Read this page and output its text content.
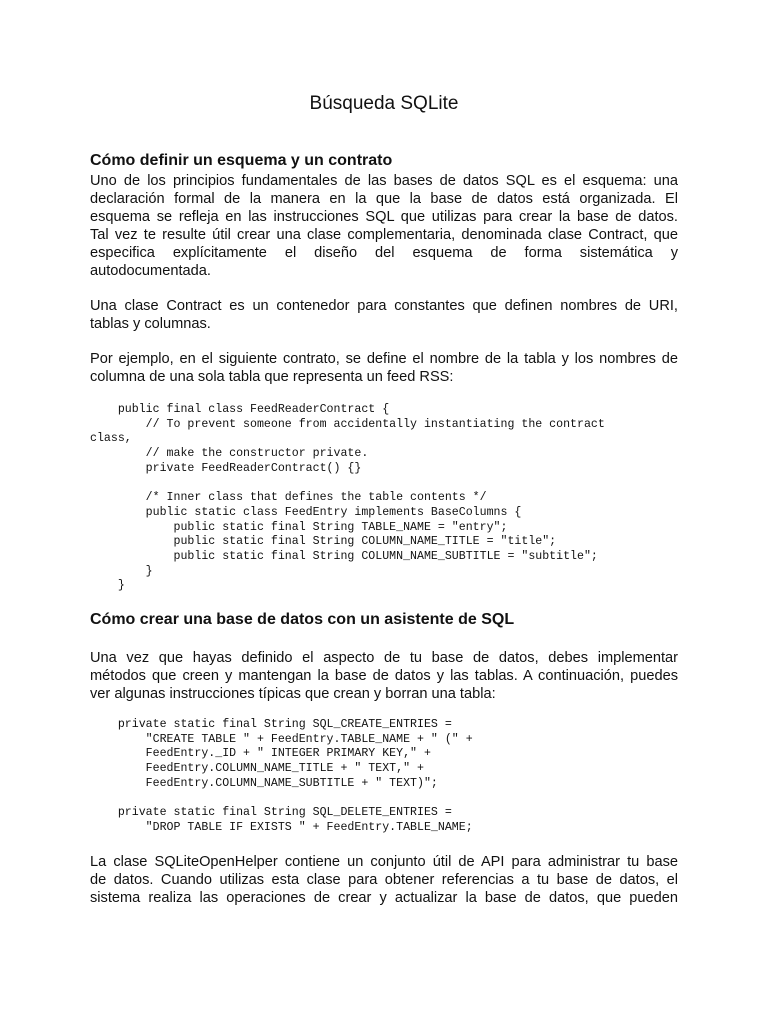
Búsqueda SQLite
Cómo definir un esquema y un contrato
Uno de los principios fundamentales de las bases de datos SQL es el esquema: una
declaración formal de la manera en la que la base de datos está organizada. El
esquema se refleja en las instrucciones SQL que utilizas para crear la base de datos.
Tal vez te resulte útil crear una clase complementaria, denominada clase Contract, que
especifica explícitamente el diseño del esquema de forma sistemática y
autodocumentada.
Una clase Contract es un contenedor para constantes que definen nombres de URI,
tablas y columnas.
Por ejemplo, en el siguiente contrato, se define el nombre de la tabla y los nombres de
columna de una sola tabla que representa un feed RSS:
public final class FeedReaderContract {
// To prevent someone from accidentally instantiating the contract
class,
// make the constructor private.
private FeedReaderContract() {}
/* Inner class that defines the table contents */
public static class FeedEntry implements BaseColumns {
public static final String TABLE_NAME = "entry";
public static final String COLUMN_NAME_TITLE = "title";
public static final String COLUMN_NAME_SUBTITLE = "subtitle";
}
}
Cómo crear una base de datos con un asistente de SQL
Una vez que hayas definido el aspecto de tu base de datos, debes implementar
métodos que creen y mantengan la base de datos y las tablas. A continuación, puedes
ver algunas instrucciones típicas que crean y borran una tabla:
private static final String SQL_CREATE_ENTRIES =
"CREATE TABLE " + FeedEntry.TABLE_NAME + " (" +
FeedEntry._ID + " INTEGER PRIMARY KEY," +
FeedEntry.COLUMN_NAME_TITLE + " TEXT," +
FeedEntry.COLUMN_NAME_SUBTITLE + " TEXT)";
private static final String SQL_DELETE_ENTRIES =
"DROP TABLE IF EXISTS " + FeedEntry.TABLE_NAME;
La clase SQLiteOpenHelper contiene un conjunto útil de API para administrar tu base
de datos. Cuando utilizas esta clase para obtener referencias a tu base de datos, el
sistema realiza las operaciones de crear y actualizar la base de datos, que pueden
